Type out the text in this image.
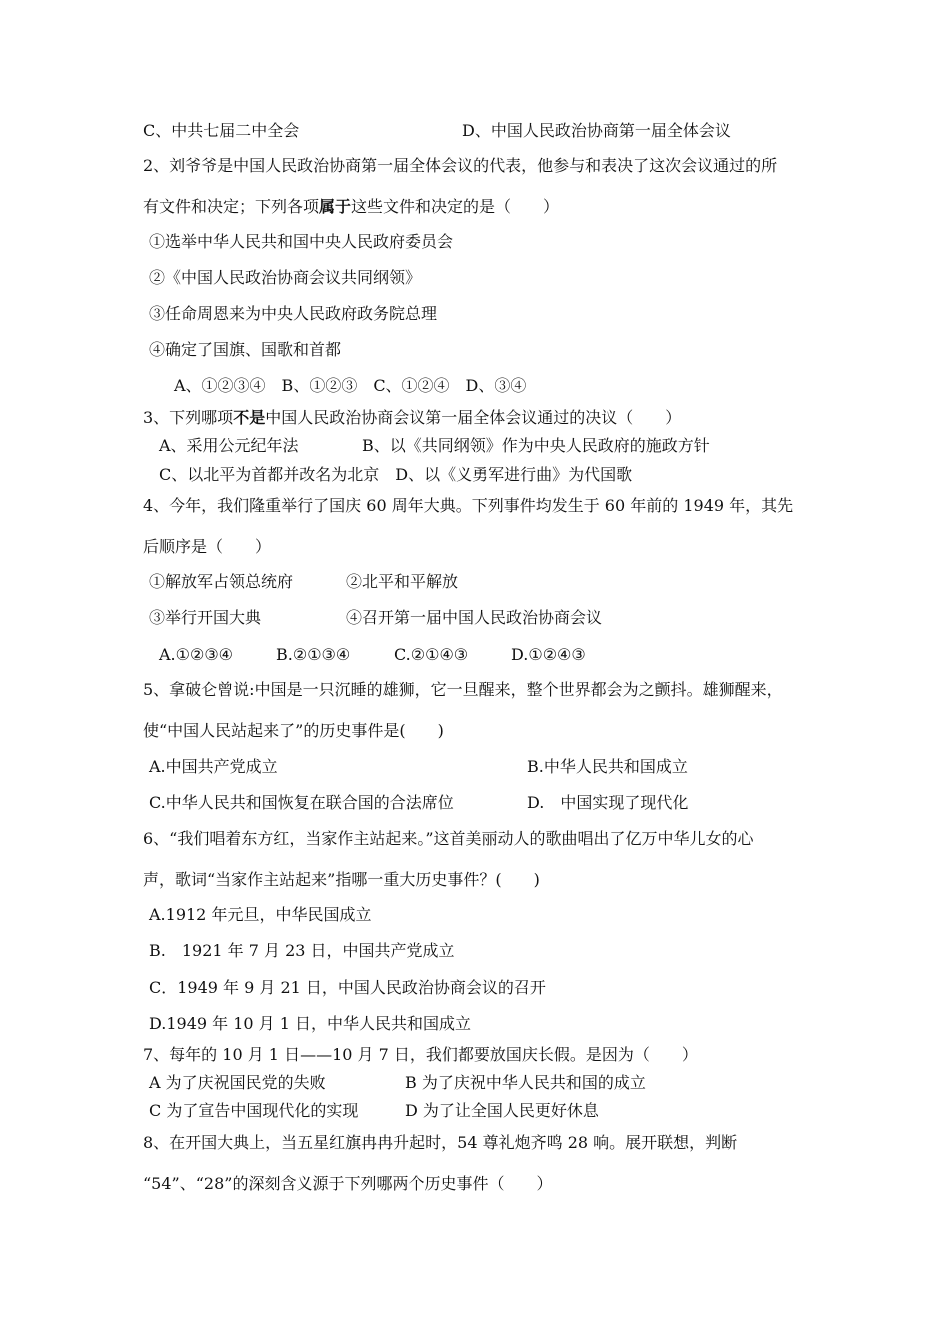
C、中共七届二中全会	D、中国人民政治协商第一届全体会议
2、刘爷爷是中国人民政治协商第一届全体会议的代表，他参与和表决了这次会议通过的所
有文件和决定；下列各项属于这些文件和决定的是（　　）
①选举中华人民共和国中央人民政府委员会
②《中国人民政治协商会议共同纲领》
③任命周恩来为中央人民政府政务院总理
④确定了国旗、国歌和首都
A、①②③④　B、①②③　C、①②④　D、③④
3、下列哪项不是中国人民政治协商会议第一届全体会议通过的决议（　　）
A、采用公元纪年法	B、以《共同纲领》作为中央人民政府的施政方针
C、以北平为首都并改名为北京　D、以《义勇军进行曲》为代国歌
4、今年，我们隆重举行了国庆 60 周年大典。下列事件均发生于 60 年前的 1949 年，其先
后顺序是（　　）
①解放军占领总统府	②北平和平解放
③举行开国大典	④召开第一届中国人民政治协商会议
A.①②③④	B.②①③④	C.②①④③	D.①②④③
5、拿破仑曾说:中国是一只沉睡的雄狮，它一旦醒来，整个世界都会为之颤抖。雄狮醒来，
使“中国人民站起来了”的历史事件是(　　)
A.中国共产党成立	B.中华人民共和国成立
C.中华人民共和国恢复在联合国的合法席位	D.　中国实现了现代化
6、“我们唱着东方红，当家作主站起来。”这首美丽动人的歌曲唱出了亿万中华儿女的心
声，歌词“当家作主站起来”指哪一重大历史事件？(　　)
A.1912 年元旦，中华民国成立
B.　1921 年 7 月 23 日，中国共产党成立
C．1949 年 9 月 21 日，中国人民政治协商会议的召开
D.1949 年 10 月 1 日，中华人民共和国成立
7、每年的 10 月 1 日——10 月 7 日，我们都要放国庆长假。是因为（　　）
A 为了庆祝国民党的失败	B 为了庆祝中华人民共和国的成立
C 为了宣告中国现代化的实现	D 为了让全国人民更好休息
8、在开国大典上，当五星红旗冉冉升起时，54 尊礼炮齐鸣 28 响。展开联想，判断
“54”、“28”的深刻含义源于下列哪两个历史事件（　　）
